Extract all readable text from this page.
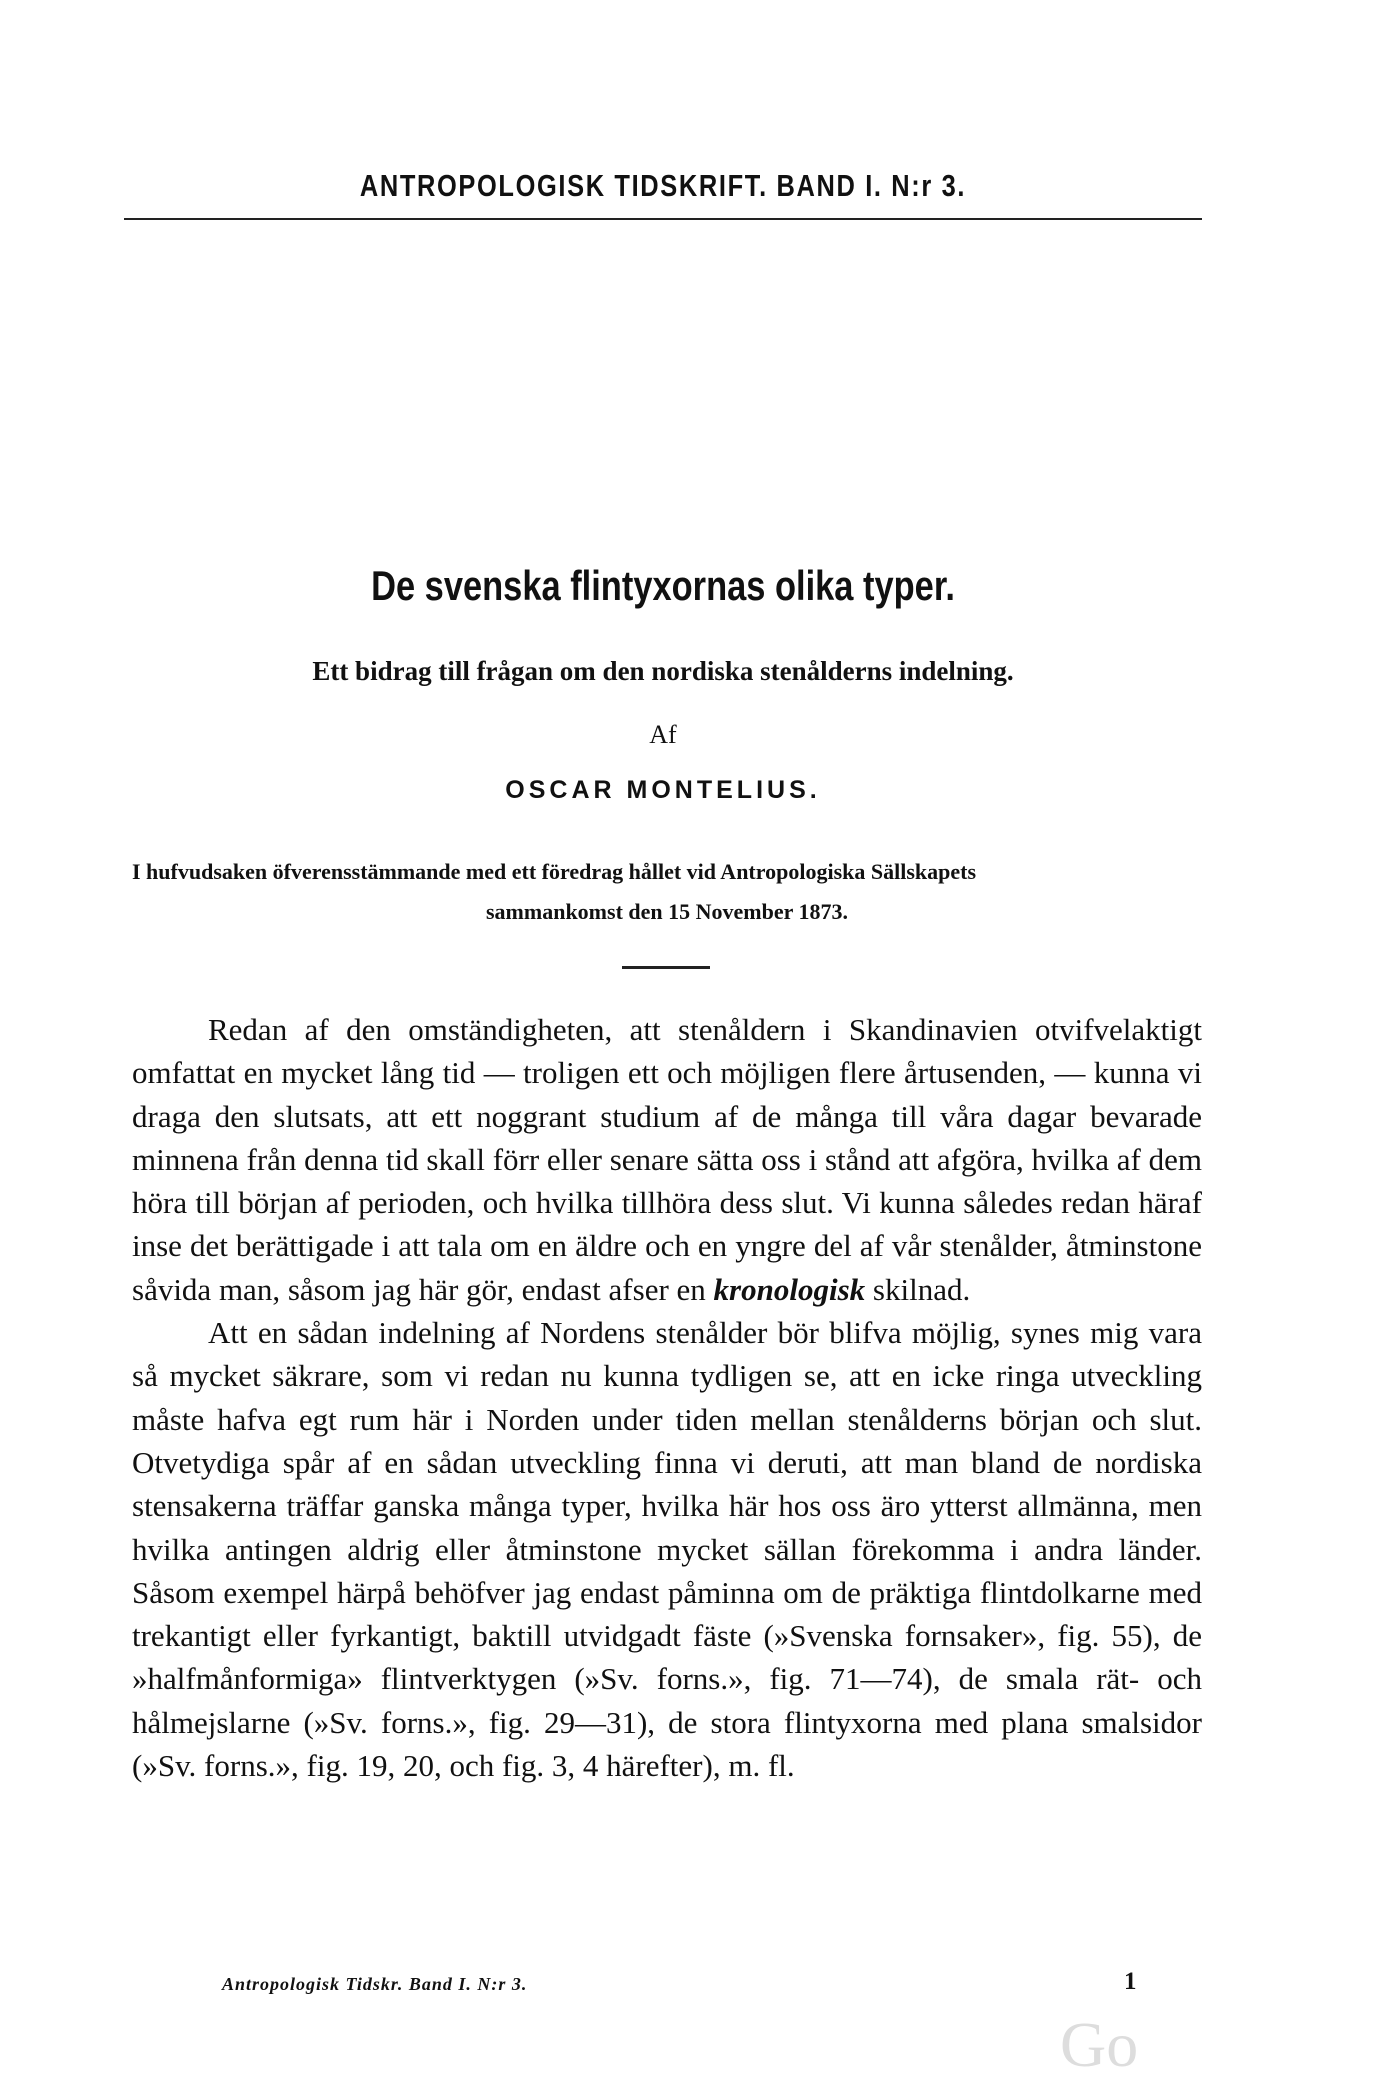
ANTROPOLOGISK TIDSKRIFT. BAND I. N:r 3.
De svenska flintyxornas olika typer.
Ett bidrag till frågan om den nordiska stenålderns indelning.
Af
OSCAR MONTELIUS.
I hufvudsaken öfverensstämmande med ett föredrag hållet vid Antropologiska Sällskapets
sammankomst den 15 November 1873.

Redan af den omständigheten, att stenåldern i Skandinavien otvifvelaktigt omfattat en mycket lång tid — troligen ett och möjligen flere årtusenden, — kunna vi draga den slutsats, att ett noggrant studium af de många till våra dagar bevarade minnena från denna tid skall förr eller senare sätta oss i stånd att afgöra, hvilka af dem höra till början af perioden, och hvilka tillhöra dess slut. Vi kunna således redan häraf inse det berättigade i att tala om en äldre och en yngre del af vår stenålder, åtminstone såvida man, såsom jag här gör, endast afser en kronologisk skilnad.

Att en sådan indelning af Nordens stenålder bör blifva möjlig, synes mig vara så mycket säkrare, som vi redan nu kunna tydligen se, att en icke ringa utveckling måste hafva egt rum här i Norden under tiden mellan stenålderns början och slut. Otvetydiga spår af en sådan utveckling finna vi deruti, att man bland de nordiska stensakerna träffar ganska många typer, hvilka här hos oss äro ytterst allmänna, men hvilka antingen aldrig eller åtminstone mycket sällan förekomma i andra länder. Såsom exempel härpå behöfver jag endast påminna om de präktiga flintdolkarne med trekantigt eller fyrkantigt, baktill utvidgadt fäste (»Svenska fornsaker», fig. 55), de »halfmånformiga» flintverktygen (»Sv. forns.», fig. 71—74), de smala rät- och hålmejslarne (»Sv. forns.», fig. 29—31), de stora flintyxorna med plana smalsidor (»Sv. forns.», fig. 19, 20, och fig. 3, 4 härefter), m. fl.

Antropologisk Tidskr. Band I. N:r 3.	1
Go
